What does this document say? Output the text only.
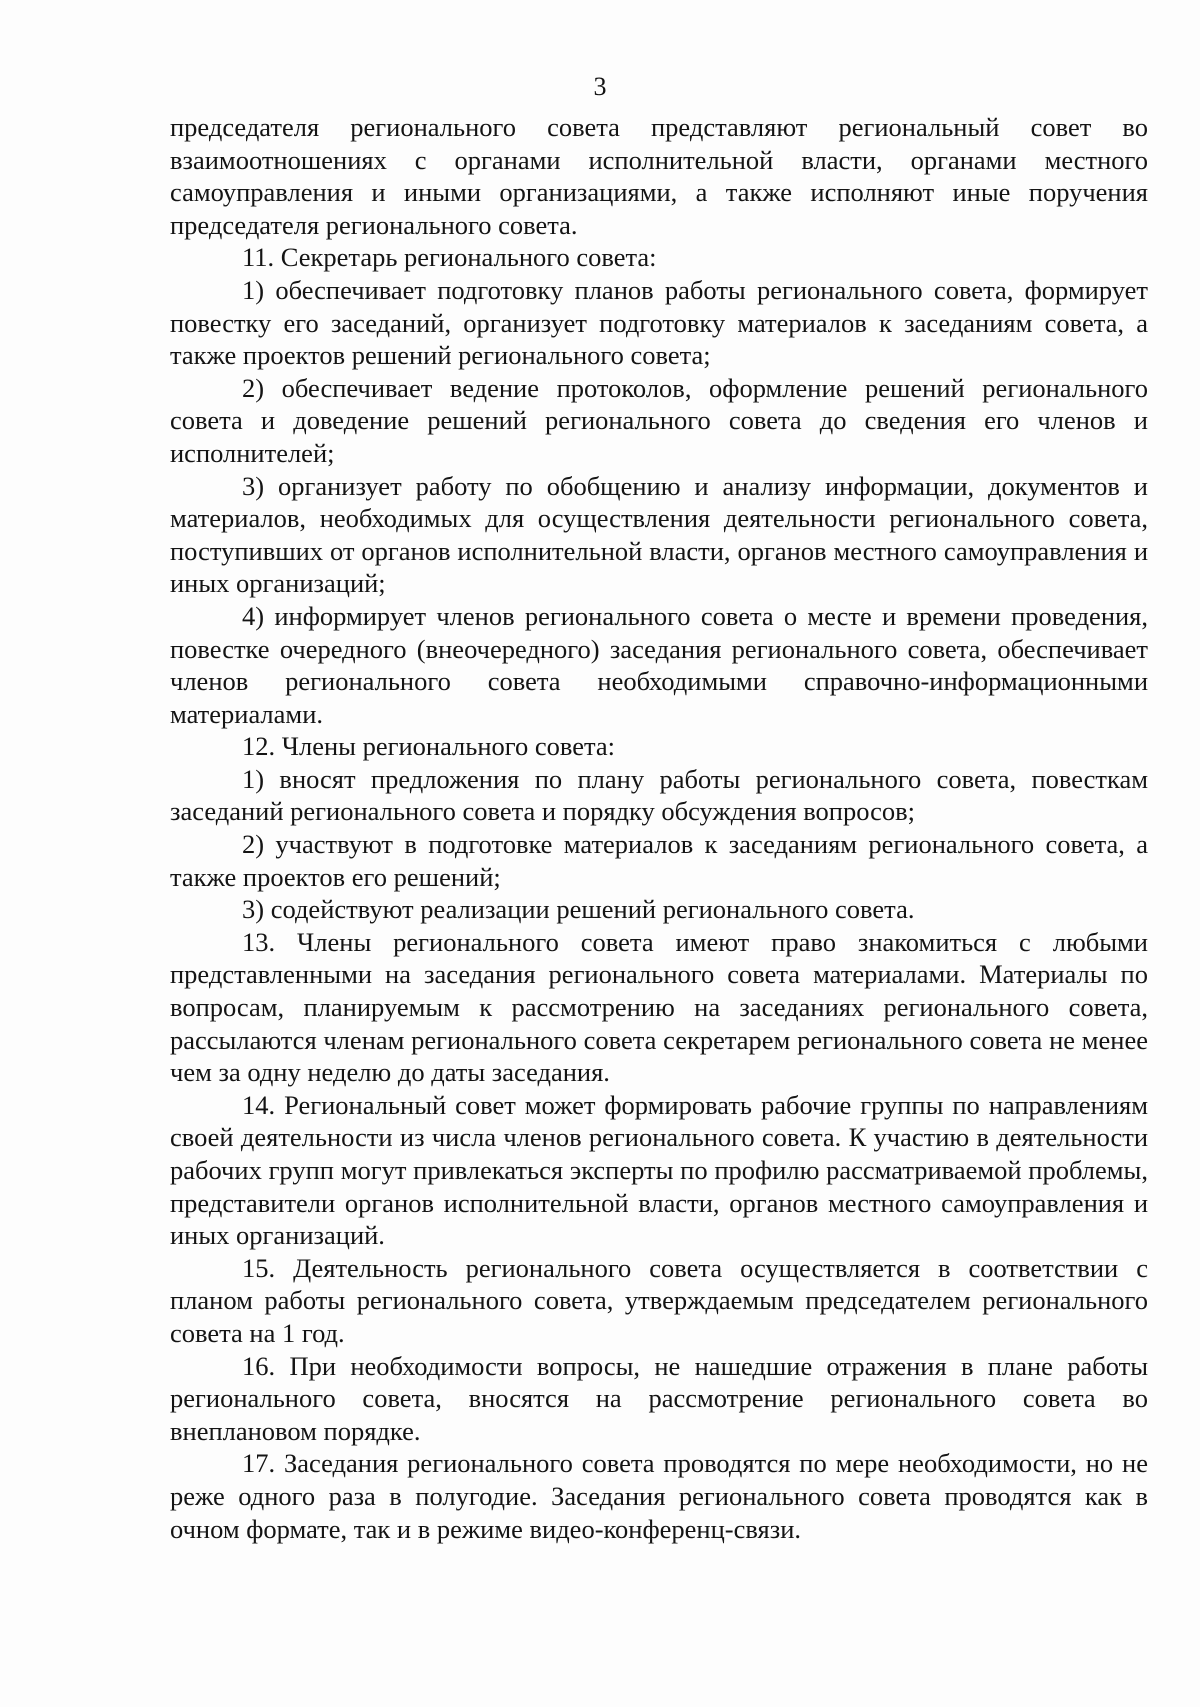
3

председателя регионального совета представляют региональный совет во взаимоотношениях с органами исполнительной власти, органами местного самоуправления и иными организациями, а также исполняют иные поручения председателя регионального совета.

11. Секретарь регионального совета:

1) обеспечивает подготовку планов работы регионального совета, формирует повестку его заседаний, организует подготовку материалов к заседаниям совета, а также проектов решений регионального совета;

2) обеспечивает ведение протоколов, оформление решений регионального совета и доведение решений регионального совета до сведения его членов и исполнителей;

3) организует работу по обобщению и анализу информации, документов и материалов, необходимых для осуществления деятельности регионального совета, поступивших от органов исполнительной власти, органов местного самоуправления и иных организаций;

4) информирует членов регионального совета о месте и времени проведения, повестке очередного (внеочередного) заседания регионального совета, обеспечивает членов регионального совета необходимыми справочно-информационными материалами.

12. Члены регионального совета:

1) вносят предложения по плану работы регионального совета, повесткам заседаний регионального совета и порядку обсуждения вопросов;

2) участвуют в подготовке материалов к заседаниям регионального совета, а также проектов его решений;

3) содействуют реализации решений регионального совета.

13. Члены регионального совета имеют право знакомиться с любыми представленными на заседания регионального совета материалами. Материалы по вопросам, планируемым к рассмотрению на заседаниях регионального совета, рассылаются членам регионального совета секретарем регионального совета не менее чем за одну неделю до даты заседания.

14. Региональный совет может формировать рабочие группы по направлениям своей деятельности из числа членов регионального совета. К участию в деятельности рабочих групп могут привлекаться эксперты по профилю рассматриваемой проблемы, представители органов исполнительной власти, органов местного самоуправления и иных организаций.

15. Деятельность регионального совета осуществляется в соответствии с планом работы регионального совета, утверждаемым председателем регионального совета на 1 год.

16. При необходимости вопросы, не нашедшие отражения в плане работы регионального совета, вносятся на рассмотрение регионального совета во внеплановом порядке.

17. Заседания регионального совета проводятся по мере необходимости, но не реже одного раза в полугодие. Заседания регионального совета проводятся как в очном формате, так и в режиме видео-конференц-связи.
